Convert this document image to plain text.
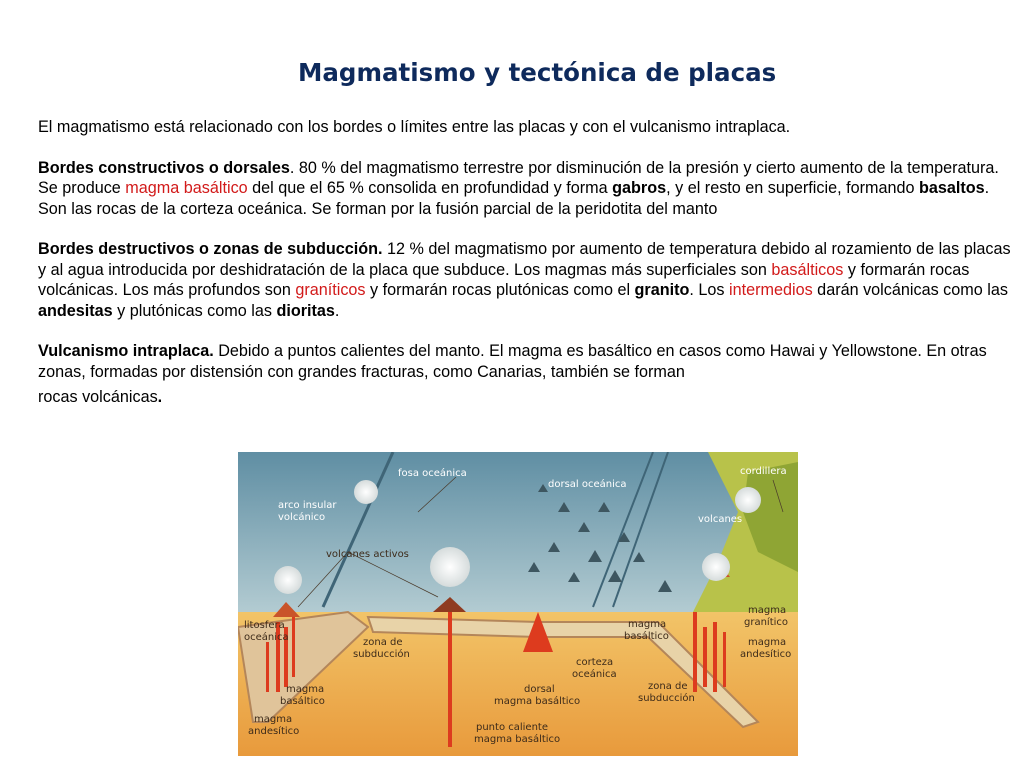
Magmatismo y tectónica de placas

El magmatismo está relacionado con los bordes o límites entre las placas y con el vulcanismo intraplaca.

Bordes constructivos o dorsales. 80 % del magmatismo terrestre por disminución de la presión y cierto aumento de la temperatura. Se produce magma basáltico del que el 65 % consolida en profundidad y forma gabros, y el resto en superficie, formando basaltos. Son las rocas de la corteza oceánica. Se forman por la fusión parcial de la peridotita del manto

Bordes destructivos o zonas de subducción. 12 % del magmatismo por aumento de temperatura debido al rozamiento de las placas y al agua introducida por deshidratación de la placa que subduce. Los magmas más superficiales son basálticos y formarán rocas volcánicas. Los más profundos son graníticos y formarán rocas plutónicas como el granito. Los intermedios darán volcánicas como las andesitas y plutónicas como las dioritas.

Vulcanismo intraplaca. Debido a puntos calientes del manto. El magma es basáltico en casos como Hawai y Yellowstone. En otras zonas, formadas por distensión con grandes fracturas, como Canarias, también se forman
rocas volcánicas.

fosa oceánica	cordillera
arco insular
volcánico
dorsal oceánica
volcanes
volcanes activos
litosfera
oceánica	zona de
subducción
magma
basáltico
magma
andesítico
magma
basáltico
magma
granítico
magma
andesítico
corteza
oceánica
dorsal
magma basáltico
zona de
subducción
punto caliente
magma basáltico
